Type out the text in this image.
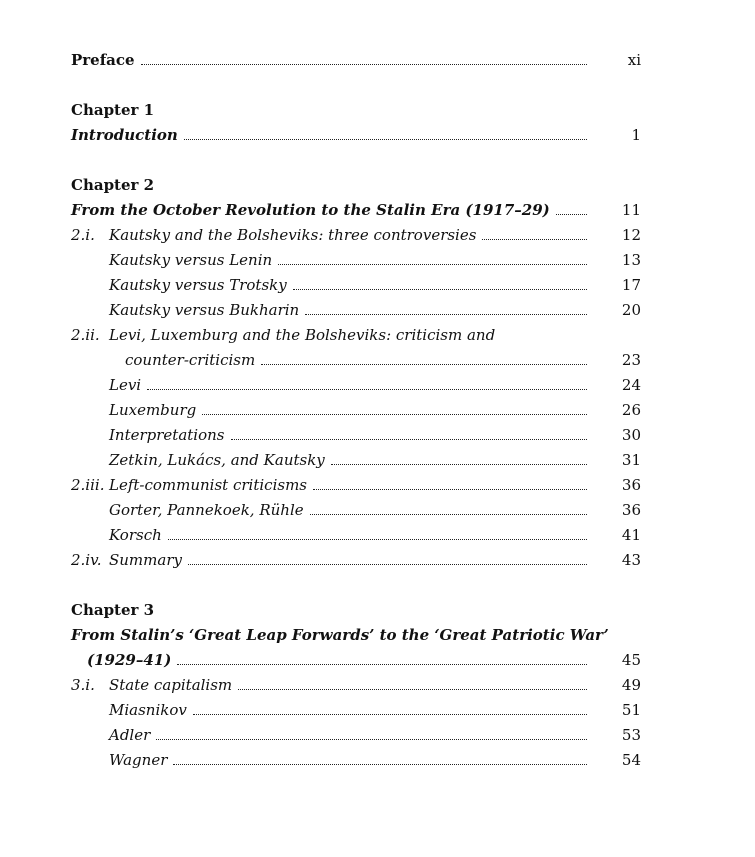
Preface	xi
Chapter 1
Introduction	1
Chapter 2
From the October Revolution to the Stalin Era (1917–29)	11
2.i. Kautsky and the Bolsheviks: three controversies	12
Kautsky versus Lenin	13
Kautsky versus Trotsky	17
Kautsky versus Bukharin	20
2.ii. Levi, Luxemburg and the Bolsheviks: criticism and
counter-criticism	23
Levi	24
Luxemburg	26
Interpretations	30
Zetkin, Lukács, and Kautsky	31
2.iii. Left-communist criticisms	36
Gorter, Pannekoek, Rühle	36
Korsch	41
2.iv. Summary	43
Chapter 3
From Stalin’s ‘Great Leap Forwards’ to the ‘Great Patriotic War’
(1929–41)	45
3.i. State capitalism	49
Miasnikov	51
Adler	53
Wagner	54
